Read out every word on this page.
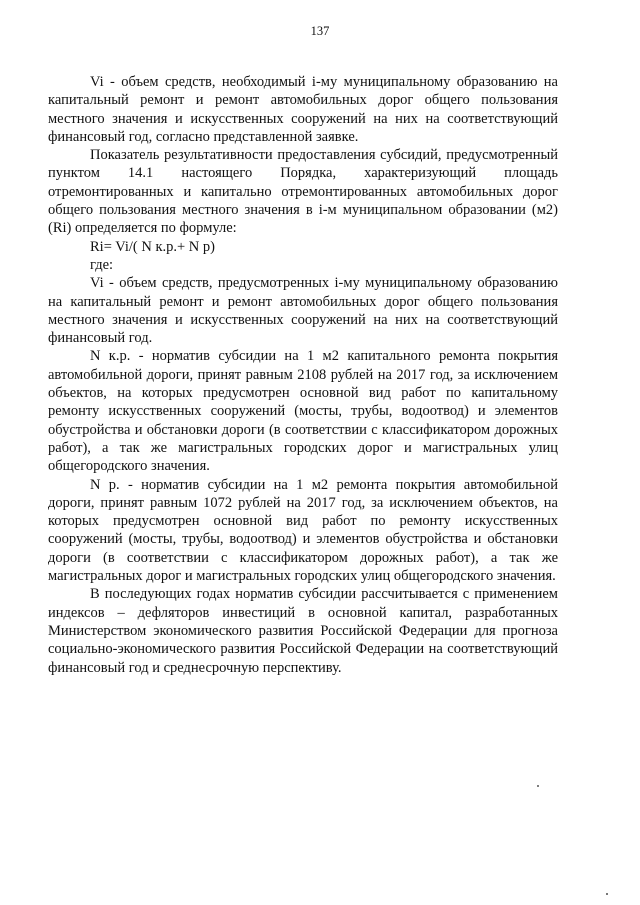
137

Vi - объем средств, необходимый i-му муниципальному образованию на капитальный ремонт и ремонт автомобильных дорог общего пользования местного значения и искусственных сооружений на них на соответствующий финансовый год, согласно представленной заявке.

Показатель результативности предоставления субсидий, предусмотренный пунктом 14.1 настоящего Порядка, характеризующий площадь отремонтированных и капитально отремонтированных автомобильных дорог общего пользования местного значения в i-м муниципальном образовании (м2) (Ri) определяется по формуле:

Ri= Vi/( N к.р.+ N р)

где:

Vi - объем средств, предусмотренных i-му муниципальному образованию на капитальный ремонт и ремонт автомобильных дорог общего пользования местного значения и искусственных сооружений на них на соответствующий финансовый год.

N к.р. - норматив субсидии на 1 м2 капитального ремонта покрытия автомобильной дороги, принят равным 2108 рублей на 2017 год, за исключением объектов, на которых предусмотрен основной вид работ по капитальному ремонту искусственных сооружений (мосты, трубы, водоотвод) и элементов обустройства и обстановки дороги (в соответствии с классификатором дорожных работ), а так же магистральных городских дорог и магистральных улиц общегородского значения.

N р. - норматив субсидии на 1 м2 ремонта покрытия автомобильной дороги, принят равным 1072 рублей на 2017 год, за исключением объектов, на которых предусмотрен основной вид работ по ремонту искусственных сооружений (мосты, трубы, водоотвод) и элементов обустройства и обстановки дороги (в соответствии с классификатором дорожных работ), а так же магистральных дорог и магистральных городских улиц общегородского значения.

В последующих годах норматив субсидии рассчитывается с применением индексов – дефляторов инвестиций в основной капитал, разработанных Министерством экономического развития Российской Федерации для прогноза социально-экономического развития Российской Федерации на соответствующий финансовый год и среднесрочную перспективу.
